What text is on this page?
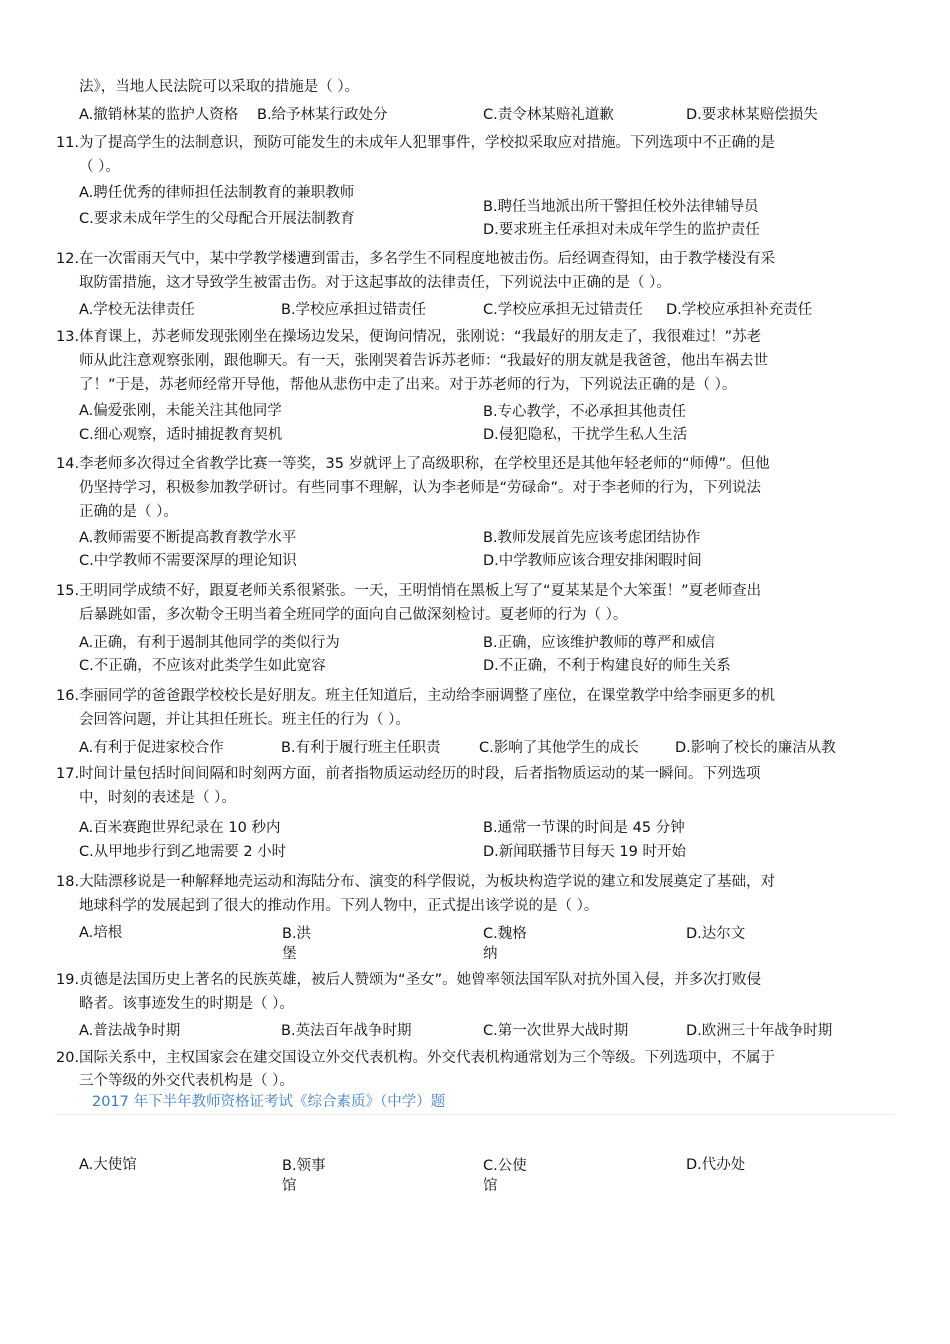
法》，当地人民法院可以采取的措施是（ ）。
A.撤销林某的监护人资格 B.给予林某行政处分	C.责令林某赔礼道歉	D.要求林某赔偿损失
11.为了提高学生的法制意识，预防可能发生的未成年人犯罪事件，学校拟采取应对措施。下列选项中不正确的是
（ ）。
A.聘任优秀的律师担任法制教育的兼职教师
B.聘任当地派出所干警担任校外法律辅导员
C.要求未成年学生的父母配合开展法制教育
D.要求班主任承担对未成年学生的监护责任
12.在一次雷雨天气中，某中学教学楼遭到雷击，多名学生不同程度地被击伤。后经调查得知，由于教学楼没有采
取防雷措施，这才导致学生被雷击伤。对于这起事故的法律责任，下列说法中正确的是（ ）。
A.学校无法律责任	B.学校应承担过错责任	C.学校应承担无过错责任 D.学校应承担补充责任
13.体育课上，苏老师发现张刚坐在操场边发呆，便询问情况，张刚说：“我最好的朋友走了，我很难过！”苏老
师从此注意观察张刚，跟他聊天。有一天，张刚哭着告诉苏老师：“我最好的朋友就是我爸爸，他出车祸去世
了！”于是，苏老师经常开导他，帮他从悲伤中走了出来。对于苏老师的行为，下列说法正确的是（ ）。
A.偏爱张刚，未能关注其他同学	B.专心教学，不必承担其他责任
C.细心观察，适时捕捉教育契机	D.侵犯隐私，干扰学生私人生活
14.李老师多次得过全省教学比赛一等奖，35 岁就评上了高级职称，在学校里还是其他年轻老师的“师傅”。但他
仍坚持学习，积极参加教学研讨。有些同事不理解，认为李老师是“劳碌命”。对于李老师的行为，下列说法
正确的是（ ）。
A.教师需要不断提高教育教学水平	B.教师发展首先应该考虑团结协作
C.中学教师不需要深厚的理论知识	D.中学教师应该合理安排闲暇时间
15.王明同学成绩不好，跟夏老师关系很紧张。一天，王明悄悄在黑板上写了“夏某某是个大笨蛋！”夏老师查出
后暴跳如雷，多次勒令王明当着全班同学的面向自己做深刻检讨。夏老师的行为（ ）。
A.正确，有利于遏制其他同学的类似行为	B.正确，应该维护教师的尊严和威信
C.不正确，不应该对此类学生如此宽容	D.不正确，不利于构建良好的师生关系
16.李丽同学的爸爸跟学校校长是好朋友。班主任知道后，主动给李丽调整了座位，在课堂教学中给李丽更多的机
会回答问题，并让其担任班长。班主任的行为（ ）。
A.有利于促进家校合作	B.有利于履行班主任职责	C.影响了其他学生的成长	D.影响了校长的廉洁从教
17.时间计量包括时间间隔和时刻两方面，前者指物质运动经历的时段，后者指物质运动的某一瞬间。下列选项
中，时刻的表述是（ ）。
A.百米赛跑世界纪录在 10 秒内	B.通常一节课的时间是 45 分钟
C.从甲地步行到乙地需要 2 小时	D.新闻联播节目每天 19 时开始
18.大陆漂移说是一种解释地壳运动和海陆分布、演变的科学假说，为板块构造学说的建立和发展奠定了基础，对
地球科学的发展起到了很大的推动作用。下列人物中，正式提出该学说的是（ ）。
A.培根	B.洪
堡
C.魏格
纳
D.达尔文
19.贞德是法国历史上著名的民族英雄，被后人赞颂为“圣女”。她曾率领法国军队对抗外国入侵，并多次打败侵
略者。该事迹发生的时期是（ ）。
A.普法战争时期	B.英法百年战争时期	C.第一次世界大战时期	D.欧洲三十年战争时期
20.国际关系中，主权国家会在建交国设立外交代表机构。外交代表机构通常划为三个等级。下列选项中，不属于
三个等级的外交代表机构是（ ）。
2017 年下半年教师资格证考试《综合素质》（中学）题
A.大使馆	B.领事
馆
C.公使
馆
D.代办处
